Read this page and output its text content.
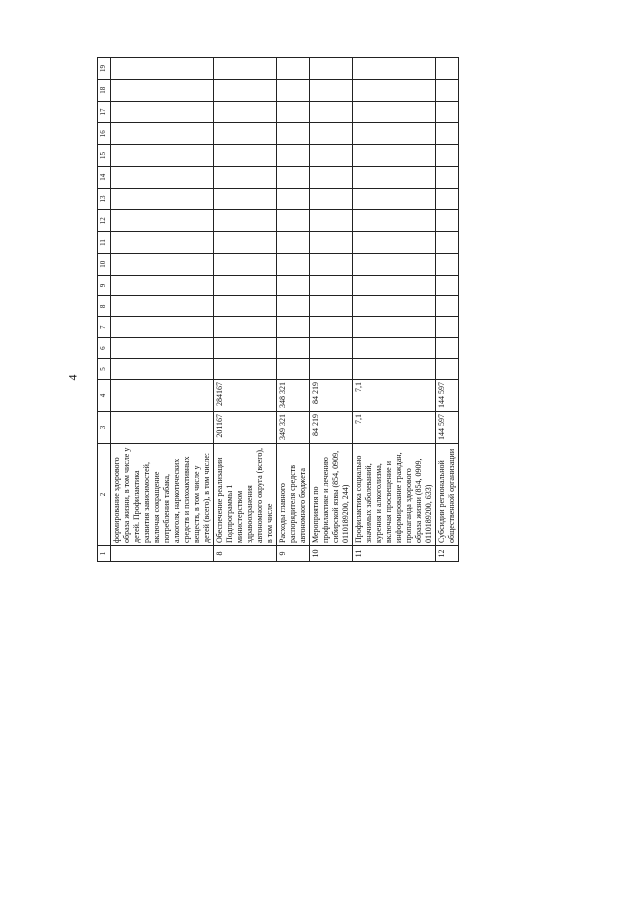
4
1	2	3	4	5	6	7	8	9	10	11	12	13	14	15	16	17	18	19
	формирование здорового образа жизни, в том числе у детей. Профилактика развития зависимостей, включая сокращение потребления табака, алкоголя, наркотических средств и психоактивных веществ, в том числе у детей (всего), в том числе:																	
8	Обеспечение реализации Подпрограммы 1 министерством здравоохранения автономного округа (всего), в том числе	201167	284167															
9	Расходы главного распорядителя средств автономного бюджета	349 321	348 321															
10	Мероприятия по профилактике и лечению сибирской язвы (854, 0909, 0110189200, 244)	84 219	84 219															
11	Профилактика социально значимых заболеваний, курения и алкоголизма, включая просвещение и информирование граждан, пропаганда здорового образа жизни (854, 0909, 0110189200, 633)	7,1	7,1															
12	Субсидии региональной общественной организации	144 597	144 597															
